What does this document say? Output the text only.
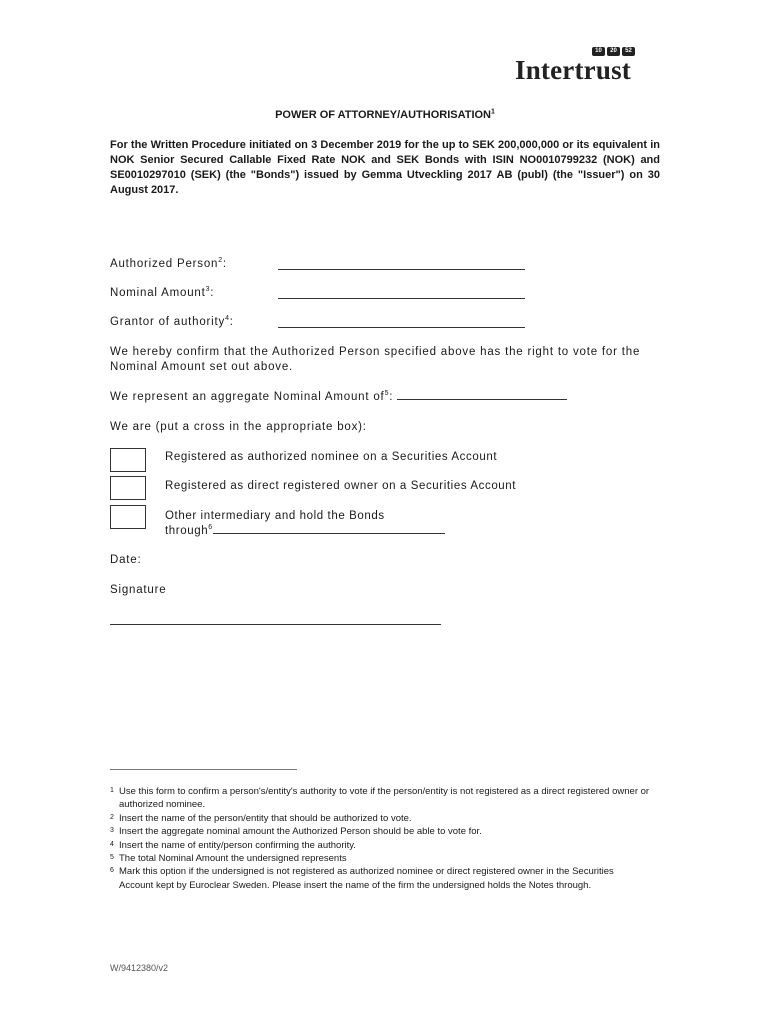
10	20	52
Intertrust
POWER OF ATTORNEY/AUTHORISATION$^1$
For the Written Procedure initiated on 3 December 2019 for the up to SEK 200,000,000 or its equivalent in NOK Senior Secured Callable Fixed Rate NOK and SEK Bonds with ISIN NO0010799232 (NOK) and SE0010297010 (SEK) (the "Bonds") issued by Gemma Utveckling 2017 AB (publ) (the "Issuer") on 30 August 2017.
Authorized Person$^2$:
Nominal Amount$^3$:
Grantor of authority$^4$:
We hereby confirm that the Authorized Person specified above has the right to vote for the Nominal Amount set out above.
We represent an aggregate Nominal Amount $of^5$:
We are (put a cross in the appropriate box):
Registered as authorized nominee on a Securities Account
Registered as direct registered owner on a Securities Account
Other intermediary and hold the Bonds
through$^6$
Date:
Signature
1 Use this form to confirm a person's/entity's authority to vote if the person/entity is not registered as a direct registered owner or authorized nominee.
2 Insert the name of the person/entity that should be authorized to vote.
3 Insert the aggregate nominal amount the Authorized Person should be able to vote for.
4 Insert the name of entity/person confirming the authority.
5 The total Nominal Amount the undersigned represents
6 Mark this option if the undersigned is not registered as authorized nominee or direct registered owner in the Securities Account kept by Euroclear Sweden. Please insert the name of the firm the undersigned holds the Notes through.
W/9412380/v2
